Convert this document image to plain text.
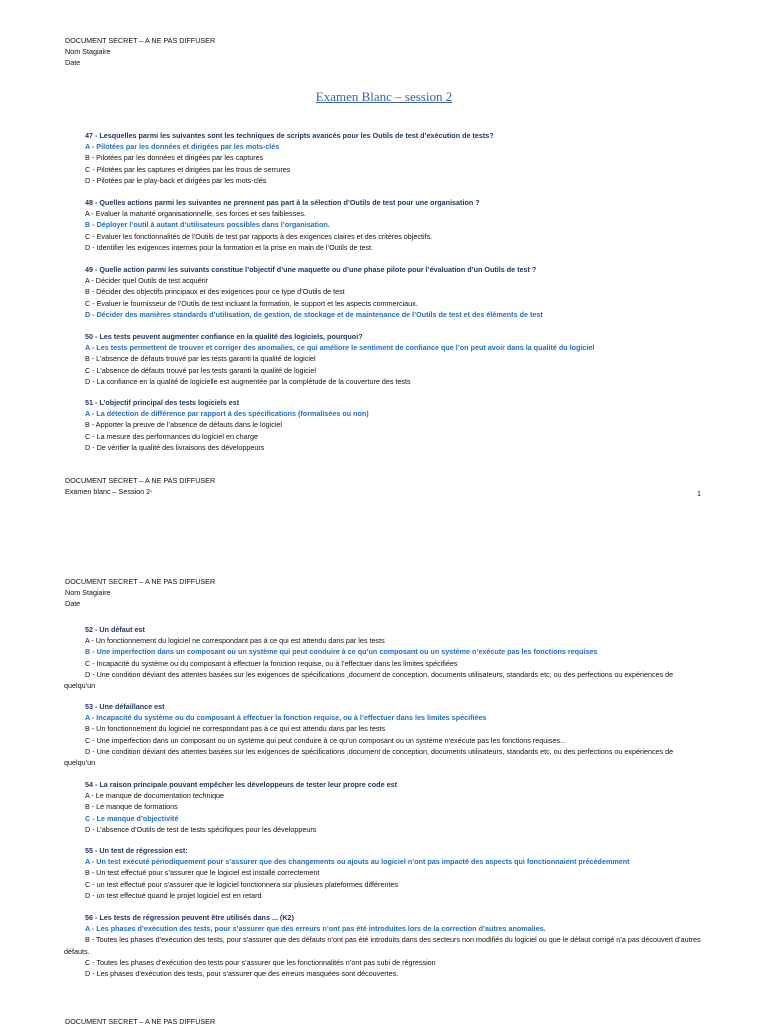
DOCUMENT SECRET – A NE PAS DIFFUSER
Nom Stagiaire
Date
Examen Blanc – session 2
47 - Lesquelles parmi les suivantes sont les techniques de scripts avancés pour les Outils de test d’exécution de tests?
A - Pilotées par les données et dirigées par les mots-clés
B - Pilotées par les données et dirigées par les captures
C - Pilotées par les captures et dirigées par les trous de serrures
D - Pilotées par le play-back et dirigées par les mots-clés
48 - Quelles actions parmi les suivantes ne prennent pas part à la sélection d’Outils de test pour une organisation ?
A - Evaluer la maturité organisationnelle, ses forces et ses faiblesses.
B - Déployer l’outil à autant d’utilisateurs possibles dans l’organisation.
C - Evaluer les fonctionnalités de l’Outils de test par rapports à des exigences claires et des critères objectifs.
D - Identifier les exigences internes pour la formation et la prise en main de l’Outils de test.
49 - Quelle action parmi les suivants constitue l’objectif d’une maquette ou d’une phase pilote pour l’évaluation d’un Outils de test ?
A - Décider quel Outils de test acquérir
B - Décider des objectifs principaux et des exigences pour ce type d’Outils de test
C - Evaluer le fournisseur de l’Outils de test incluant la formation, le support et les aspects commerciaux.
D - Décider des manières standards d’utilisation, de gestion, de stockage et de maintenance de l’Outils de test et des éléments de test
50 - Les tests peuvent augmenter confiance en la qualité des logiciels, pourquoi?
A - Les tests permettent de trouver et corriger des anomalies, ce qui améliore le sentiment de confiance que l’on peut avoir dans la qualité du logiciel
B - L’absence de défauts trouvé par les tests garanti la qualité de logiciel
C - L’absence de défauts trouvé par les tests garanti la qualité de logiciel
D - La confiance en la qualité de logicielle est augmentée par la complétude de la couverture des tests
51 - L’objectif principal des tests logiciels est
A - La détection de différence par rapport à des spécifications (formalisées ou non)
B - Apporter la preuve de l’absence de défauts dans le logiciel
C - La mesure des performances du logiciel en charge
D - De vérifier la qualité des livraisons des développeurs
DOCUMENT SECRET – A NE PAS DIFFUSER
Examen blanc – Session 2-	1
DOCUMENT SECRET – A NE PAS DIFFUSER
Nom Stagiaire
Date
52 - Un défaut est
A - Un fonctionnement du logiciel ne correspondant pas à ce qui est attendu dans par les tests
B - Une imperfection dans un composant ou un système qui peut conduire à ce qu’un composant ou un système n’exécute pas les fonctions requises
C - Incapacité du système ou du composant à effectuer la fonction requise, ou à l’effectuer dans les limites spécifiées
D - Une condition déviant des attentes basées sur les exigences de spécifications ,document de conception, documents utilisateurs, standards etc, ou des perfections ou expériences de quelqu’un
53 - Une défaillance est
A - Incapacité du système ou du composant à effectuer la fonction requise, ou à l’effectuer dans les limites spécifiées
B - Un fonctionnement du logiciel ne correspondant pas à ce qui est attendu dans par les tests
C - Une imperfection dans un composant ou un système qui peut conduire à ce qu’un composant ou un système n’exécute pas les fonctions requises...
D - Une condition déviant des attentes basées sur les exigences de spécifications ,document de conception, documents utilisateurs, standards etc, ou des perfections ou expériences de quelqu’un
54 - La raison principale pouvant empêcher les développeurs de tester leur propre code est
A - Le manque de documentation technique
B - Le manque de formations
C - Le manque d’objectivité
D - L’absence d’Outils de test de tests spécifiques pour les développeurs
55 - Un test de régression est:
A - Un test exécuté périodiquement pour s’assurer que des changements ou ajouts au logiciel n’ont pas impacté des aspects qui fonctionnaient précédemment
B - Un test effectué pour s’assurer que le logiciel est installé correctement
C - un test effectué pour s’assurer que le logiciel fonctionnera sur plusieurs plateformes différentes
D - un test effectué quand le projet logiciel est en retard
56 - Les tests de régression peuvent être utilisés dans ... (K2)
A - Les phases d’exécution des tests, pour s’assurer que des erreurs n’ont pas été introduites lors de la correction d’autres anomalies.
B - Toutes les phases d’exécution des tests, pour s’assurer que des défauts n’ont pas été introduits dans des secteurs non modifiés du logiciel ou que le défaut corrigé n’a pas découvert d’autres défauts.
C - Toutes les phases d’exécution des tests pour s’assurer que les fonctionnalités n’ont pas subi de régression
D - Les phases d’exécution des tests, pour s’assurer que des erreurs masquées sont découvertes.
DOCUMENT SECRET – A NE PAS DIFFUSER
